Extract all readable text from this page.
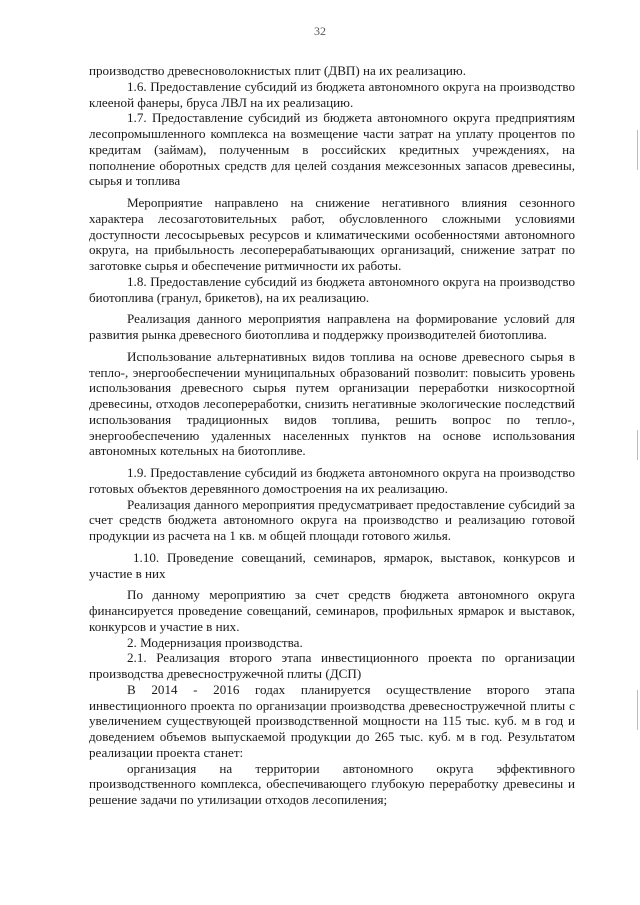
32

производство древесноволокнистых плит (ДВП) на их реализацию.

1.6. Предоставление субсидий из бюджета автономного округа на производство клееной фанеры, бруса ЛВЛ на их реализацию.

1.7. Предоставление субсидий из бюджета автономного округа предприятиям лесопромышленного комплекса на возмещение части затрат на уплату процентов по кредитам (займам), полученным в российских кредитных учреждениях, на пополнение оборотных средств для целей создания межсезонных запасов древесины, сырья и топлива

Мероприятие направлено на снижение негативного влияния сезонного характера лесозаготовительных работ, обусловленного сложными условиями доступности лесосырьевых ресурсов и климатическими особенностями автономного округа, на прибыльность лесоперерабатывающих организаций, снижение затрат по заготовке сырья и обеспечение ритмичности их работы.

1.8. Предоставление субсидий из бюджета автономного округа на производство биотоплива (гранул, брикетов), на их реализацию.

Реализация данного мероприятия направлена на формирование условий для развития рынка древесного биотоплива и поддержку производителей биотоплива.

Использование альтернативных видов топлива на основе древесного сырья в тепло-, энергообеспечении муниципальных образований позволит: повысить уровень использования древесного сырья путем организации переработки низкосортной древесины, отходов лесопереработки, снизить негативные экологические последствий использования традиционных видов топлива, решить вопрос по тепло-, энергообеспечению удаленных населенных пунктов на основе использования автономных котельных на биотопливе.

1.9. Предоставление субсидий из бюджета автономного округа на производство готовых объектов деревянного домостроения на их реализацию.

Реализация данного мероприятия предусматривает предоставление субсидий за счет средств бюджета автономного округа на производство и реализацию готовой продукции из расчета на 1 кв. м общей площади готового жилья.

1.10. Проведение совещаний, семинаров, ярмарок, выставок, конкурсов и участие в них

По данному мероприятию за счет средств бюджета автономного округа финансируется проведение совещаний, семинаров, профильных ярмарок и выставок, конкурсов и участие в них.

2. Модернизация производства.

2.1. Реализация второго этапа инвестиционного проекта по организации производства древесностружечной плиты (ДСП)

В 2014 - 2016 годах планируется осуществление второго этапа инвестиционного проекта по организации производства древесностружечной плиты с увеличением существующей производственной мощности на 115 тыс. куб. м в год и доведением объемов выпускаемой продукции до 265 тыс. куб. м в год. Результатом реализации проекта станет:

организация на территории автономного округа эффективного производственного комплекса, обеспечивающего глубокую переработку древесины и решение задачи по утилизации отходов лесопиления;
